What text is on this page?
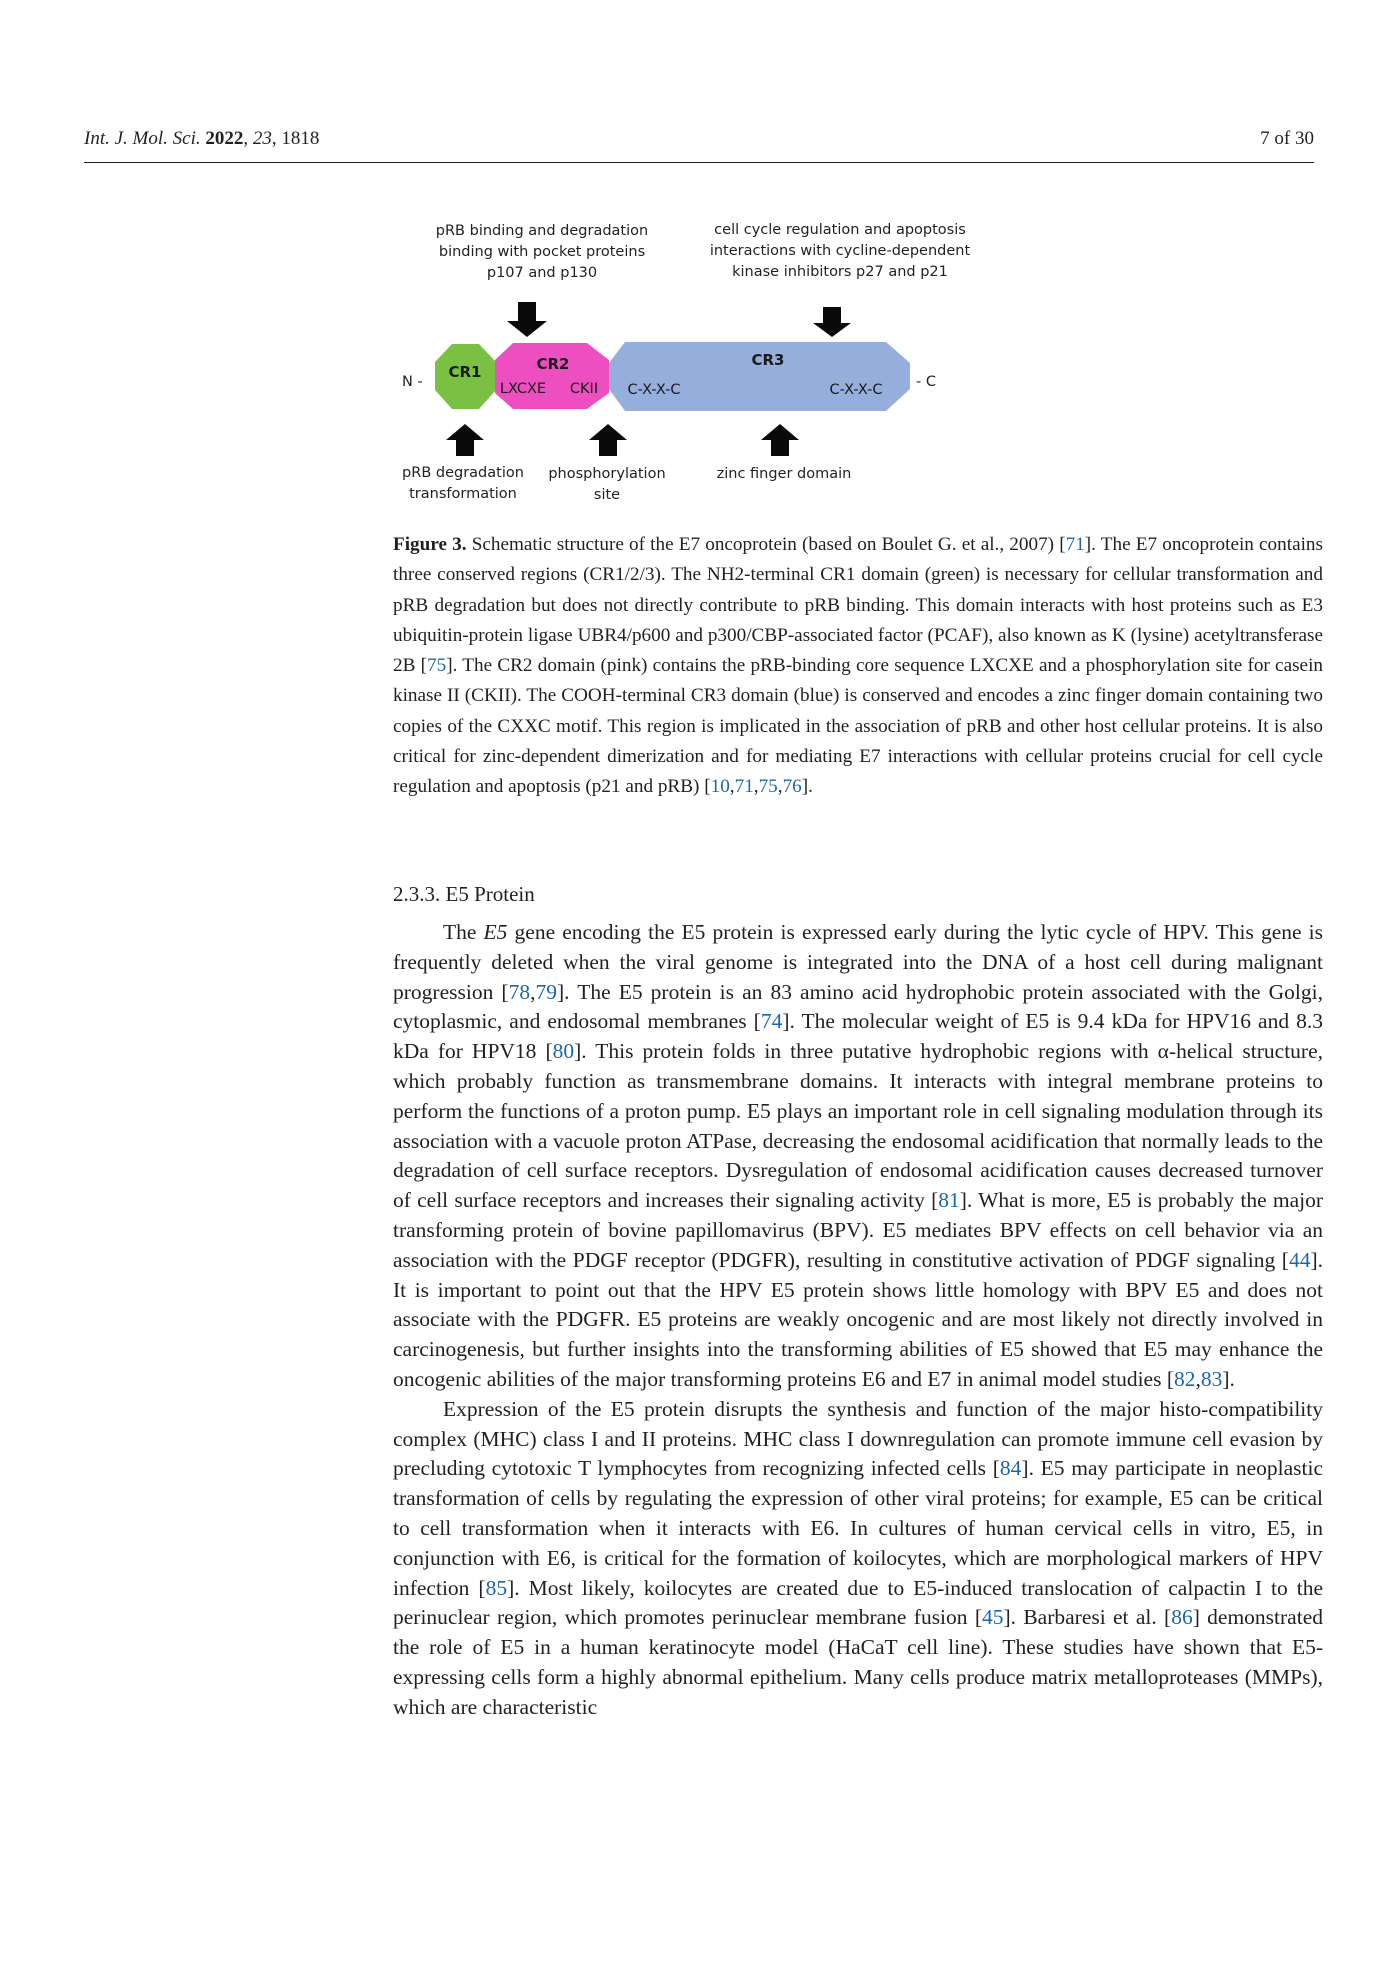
Int. J. Mol. Sci. 2022, 23, 1818	7 of 30
pRB binding and degradation
binding with pocket proteins
p107 and p130
cell cycle regulation and apoptosis
interactions with cycline-dependent
kinase inhibitors p27 and p21
N -	- C
CR1	CR2
LXCXE CKII
CR3
C-X-X-C	C-X-X-C
pRB degradation
transformation
phosphorylation
site
zinc finger domain
Figure 3. Schematic structure of the E7 oncoprotein (based on Boulet G. et al., 2007) [71]. The E7 oncoprotein contains three conserved regions (CR1/2/3). The NH2-terminal CR1 domain (green) is necessary for cellular transformation and pRB degradation but does not directly contribute to pRB binding. This domain interacts with host proteins such as E3 ubiquitin-protein ligase UBR4/p600 and p300/CBP-associated factor (PCAF), also known as K (lysine) acetyltransferase 2B [75]. The CR2 domain (pink) contains the pRB-binding core sequence LXCXE and a phosphorylation site for casein kinase II (CKII). The COOH-terminal CR3 domain (blue) is conserved and encodes a zinc finger domain containing two copies of the CXXC motif. This region is implicated in the association of pRB and other host cellular proteins. It is also critical for zinc-dependent dimerization and for mediating E7 interactions with cellular proteins crucial for cell cycle regulation and apoptosis (p21 and pRB) [10,71,75,76].
2.3.3. E5 Protein

The E5 gene encoding the E5 protein is expressed early during the lytic cycle of HPV. This gene is frequently deleted when the viral genome is integrated into the DNA of a host cell during malignant progression [78,79]. The E5 protein is an 83 amino acid hydrophobic protein associated with the Golgi, cytoplasmic, and endosomal membranes [74]. The molecular weight of E5 is 9.4 kDa for HPV16 and 8.3 kDa for HPV18 [80]. This protein folds in three putative hydrophobic regions with α-helical structure, which probably function as transmembrane domains. It interacts with integral membrane proteins to perform the functions of a proton pump. E5 plays an important role in cell signaling modulation through its association with a vacuole proton ATPase, decreasing the endosomal acidification that normally leads to the degradation of cell surface receptors. Dysregulation of endosomal acidification causes decreased turnover of cell surface receptors and increases their signaling activity [81]. What is more, E5 is probably the major transforming protein of bovine papillomavirus (BPV). E5 mediates BPV effects on cell behavior via an association with the PDGF receptor (PDGFR), resulting in constitutive activation of PDGF signaling [44]. It is important to point out that the HPV E5 protein shows little homology with BPV E5 and does not associate with the PDGFR. E5 proteins are weakly oncogenic and are most likely not directly involved in carcinogenesis, but further insights into the transforming abilities of E5 showed that E5 may enhance the oncogenic abilities of the major transforming proteins E6 and E7 in animal model studies [82,83].

Expression of the E5 protein disrupts the synthesis and function of the major histo-compatibility complex (MHC) class I and II proteins. MHC class I downregulation can promote immune cell evasion by precluding cytotoxic T lymphocytes from recognizing infected cells [84]. E5 may participate in neoplastic transformation of cells by regulating the expression of other viral proteins; for example, E5 can be critical to cell transformation when it interacts with E6. In cultures of human cervical cells in vitro, E5, in conjunction with E6, is critical for the formation of koilocytes, which are morphological markers of HPV infection [85]. Most likely, koilocytes are created due to E5-induced translocation of calpactin I to the perinuclear region, which promotes perinuclear membrane fusion [45]. Barbaresi et al. [86] demonstrated the role of E5 in a human keratinocyte model (HaCaT cell line). These studies have shown that E5-expressing cells form a highly abnormal epithelium. Many cells produce matrix metalloproteases (MMPs), which are characteristic
